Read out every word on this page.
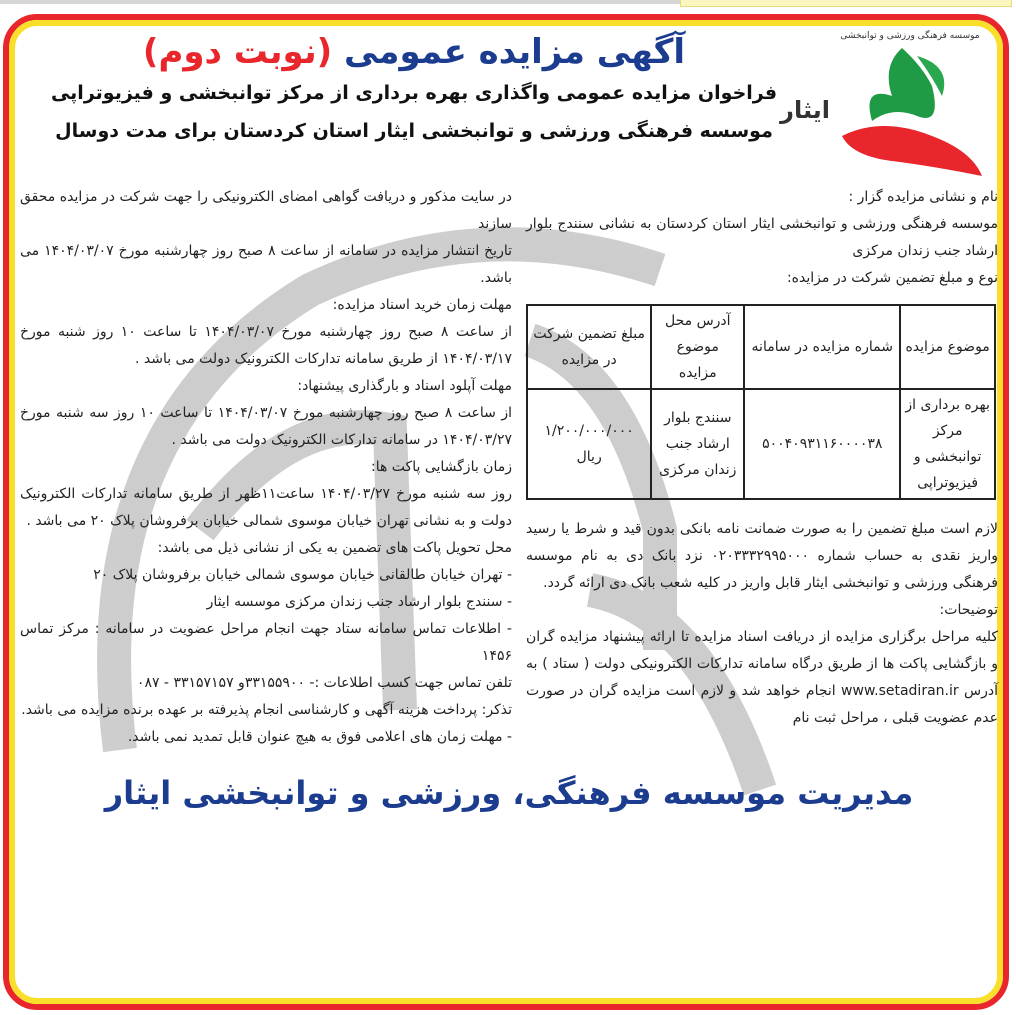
موسسه فرهنگی ورزشی و توانبخشی
ایثار
آگهی مزایده عمومی (نوبت دوم)
فراخوان مزایده عمومی واگذاری بهره برداری از مرکز توانبخشی و فیزیوتراپی
موسسه فرهنگی ورزشی و توانبخشی ایثار استان کردستان برای مدت دوسال

نام و نشانی مزایده گزار :

موسسه فرهنگی ورزشی و توانبخشی ایثار استان کردستان به نشانی سنندج بلوار ارشاد جنب زندان مرکزی

نوع و مبلغ تضمین شرکت در مزایده:

موضوع مزایده	شماره مزایده در سامانه	آدرس محل موضوع مزایده	مبلغ تضمین شرکت در مزایده
بهره برداری از مرکز توانبخشی و فیزیوتراپی	۵۰۰۴۰۹۳۱۱۶۰۰۰۰۳۸	سنندج بلوار ارشاد جنب زندان مرکزی	۱/۲۰۰/۰۰۰/۰۰۰ ریال

لازم است مبلغ تضمین را به صورت ضمانت نامه بانکی بدون قید و شرط یا رسید واریز نقدی به حساب شماره ۰۲۰۳۳۳۲۹۹۵۰۰۰ نزد بانک دی به نام موسسه فرهنگی ورزشی و توانبخشی ایثار قابل واریز در کلیه شعب بانک دی ارائه گردد.

توضیحات:

کلیه مراحل برگزاری مزایده از دریافت اسناد مزایده تا ارائه پیشنهاد مزایده گران و بازگشایی پاکت ها از طریق درگاه سامانه تدارکات الکترونیکی دولت ( ستاد ) به آدرس www.setadiran.ir انجام خواهد شد و لازم است مزایده گران در صورت عدم عضویت قبلی ، مراحل ثبت نام

در سایت مذکور و دریافت گواهی امضای الکترونیکی را جهت شرکت در مزایده محقق سازند

تاریخ انتشار مزایده در سامانه از ساعت ۸ صبح روز چهارشنبه مورخ ۱۴۰۴/۰۳/۰۷ می باشد.

مهلت زمان خرید اسناد مزایده:

از ساعت ۸ صبح روز چهارشنبه مورخ ۱۴۰۴/۰۳/۰۷ تا ساعت ۱۰ روز شنبه مورخ ۱۴۰۴/۰۳/۱۷ از طریق سامانه تدارکات الکترونیک دولت می باشد .

مهلت آپلود اسناد و بارگذاری پیشنهاد:

از ساعت ۸ صبح روز چهارشنبه مورخ ۱۴۰۴/۰۳/۰۷ تا ساعت ۱۰ روز سه شنبه مورخ ۱۴۰۴/۰۳/۲۷ در سامانه تدارکات الکترونیک دولت می باشد .

زمان بازگشایی پاکت ها:

روز سه شنبه مورخ ۱۴۰۴/۰۳/۲۷ ساعت۱۱ظهر از طریق سامانه تدارکات الکترونیک دولت و به نشانی تهران خیابان موسوی شمالی خیابان برفروشان پلاک ۲۰ می باشد .

محل تحویل پاکت های تضمین به یکی از نشانی ذیل می باشد:

- تهران خیابان طالقانی خیابان موسوی شمالی خیابان برفروشان پلاک ۲۰

- سنندج بلوار ارشاد جنب زندان مرکزی موسسه ایثار

- اطلاعات تماس سامانه ستاد جهت انجام مراحل عضویت در سامانه : مرکز تماس ۱۴۵۶

تلفن تماس جهت کسب اطلاعات :- ۳۳۱۵۵۹۰۰و ۳۳۱۵۷۱۵۷ - ۰۸۷

تذکر: پرداخت هزینه آگهی و کارشناسی انجام پذیرفته بر عهده برنده مزایده می باشد.

- مهلت زمان های اعلامی فوق به هیچ عنوان قابل تمدید نمی باشد.

مدیریت موسسه فرهنگی، ورزشی و توانبخشی ایثار
